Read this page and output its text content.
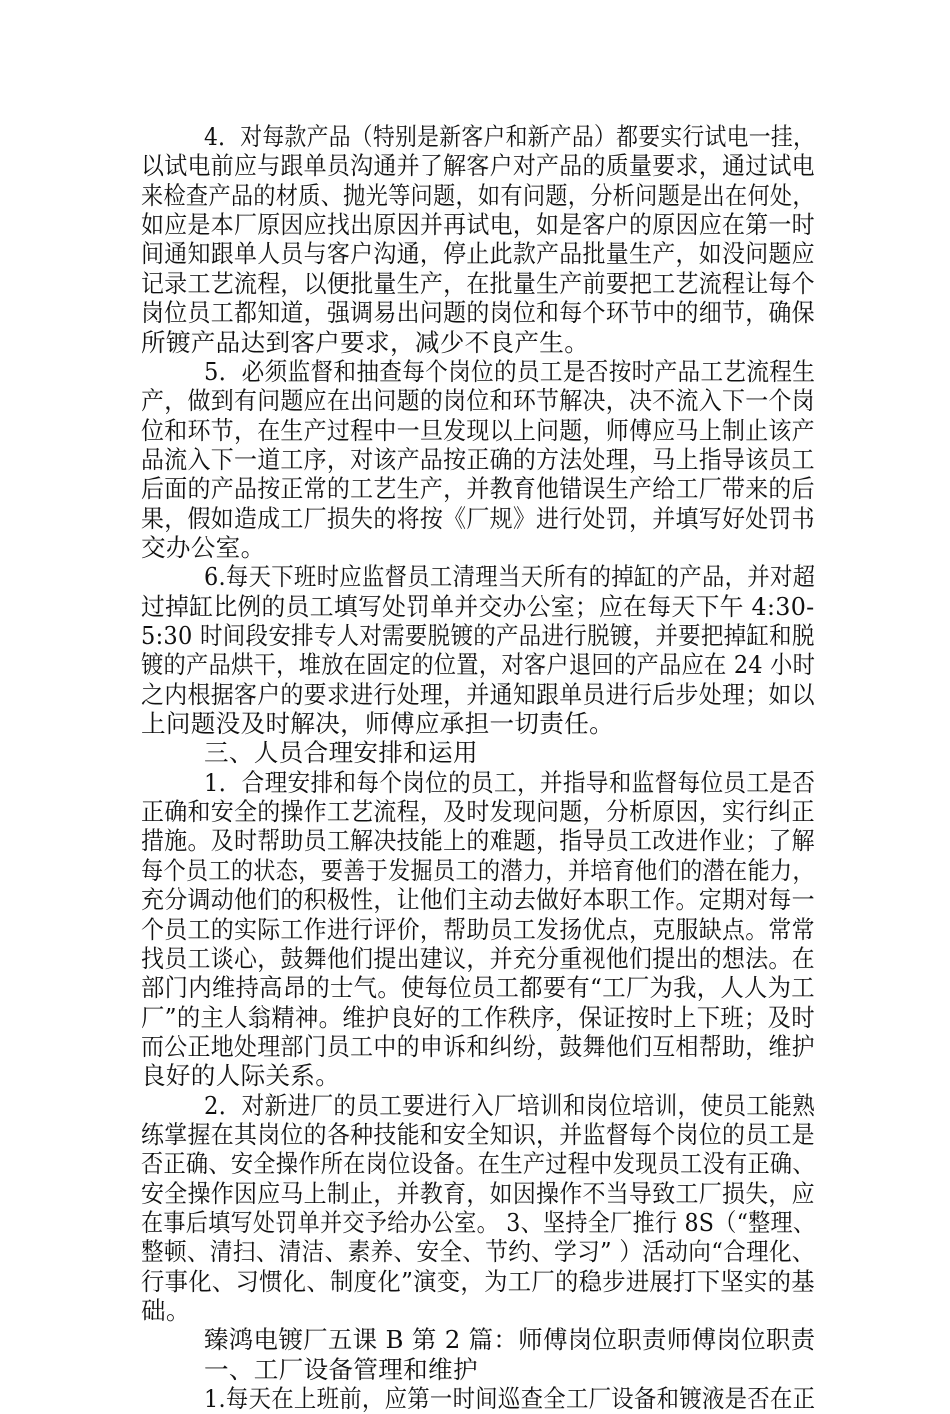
4．对每款产品（特别是新客户和新产品）都要实行试电一挂，
以试电前应与跟单员沟通并了解客户对产品的质量要求，通过试电
来检查产品的材质、抛光等问题，如有问题，分析问题是出在何处，
如应是本厂原因应找出原因并再试电，如是客户的原因应在第一时
间通知跟单人员与客户沟通，停止此款产品批量生产，如没问题应
记录工艺流程，以便批量生产，在批量生产前要把工艺流程让每个
岗位员工都知道，强调易出问题的岗位和每个环节中的细节，确保
所镀产品达到客户要求，减少不良产生。
5．必须监督和抽查每个岗位的员工是否按时产品工艺流程生
产，做到有问题应在出问题的岗位和环节解决，决不流入下一个岗
位和环节，在生产过程中一旦发现以上问题，师傅应马上制止该产
品流入下一道工序，对该产品按正确的方法处理，马上指导该员工
后面的产品按正常的工艺生产，并教育他错误生产给工厂带来的后
果，假如造成工厂损失的将按《厂规》进行处罚，并填写好处罚书
交办公室。
6.每天下班时应监督员工清理当天所有的掉缸的产品，并对超
过掉缸比例的员工填写处罚单并交办公室；应在每天下午 4:30-
5:30 时间段安排专人对需要脱镀的产品进行脱镀，并要把掉缸和脱
镀的产品烘干，堆放在固定的位置，对客户退回的产品应在 24 小时
之内根据客户的要求进行处理，并通知跟单员进行后步处理；如以
上问题没及时解决，师傅应承担一切责任。
三、人员合理安排和运用
1．合理安排和每个岗位的员工，并指导和监督每位员工是否
正确和安全的操作工艺流程，及时发现问题，分析原因，实行纠正
措施。及时帮助员工解决技能上的难题，指导员工改进作业；了解
每个员工的状态，要善于发掘员工的潜力，并培育他们的潜在能力，
充分调动他们的积极性，让他们主动去做好本职工作。定期对每一
个员工的实际工作进行评价，帮助员工发扬优点，克服缺点。常常
找员工谈心，鼓舞他们提出建议，并充分重视他们提出的想法。在
部门内维持高昂的士气。使每位员工都要有“工厂为我，人人为工
厂”的主人翁精神。维护良好的工作秩序，保证按时上下班；及时
而公正地处理部门员工中的申诉和纠纷，鼓舞他们互相帮助，维护
良好的人际关系。
2．对新进厂的员工要进行入厂培训和岗位培训，使员工能熟
练掌握在其岗位的各种技能和安全知识，并监督每个岗位的员工是
否正确、安全操作所在岗位设备。在生产过程中发现员工没有正确、
安全操作因应马上制止，并教育，如因操作不当导致工厂损失，应
在事后填写处罚单并交予给办公室。 3、坚持全厂推行 8S（“整理、
整顿、清扫、清洁、素养、安全、节约、学习” ）活动向“合理化、
行事化、习惯化、制度化”演变，为工厂的稳步进展打下坚实的基
础。
臻鸿电镀厂五课 B 第 2 篇：师傅岗位职责师傅岗位职责
一、工厂设备管理和维护
1.每天在上班前，应第一时间巡查全工厂设备和镀液是否在正
